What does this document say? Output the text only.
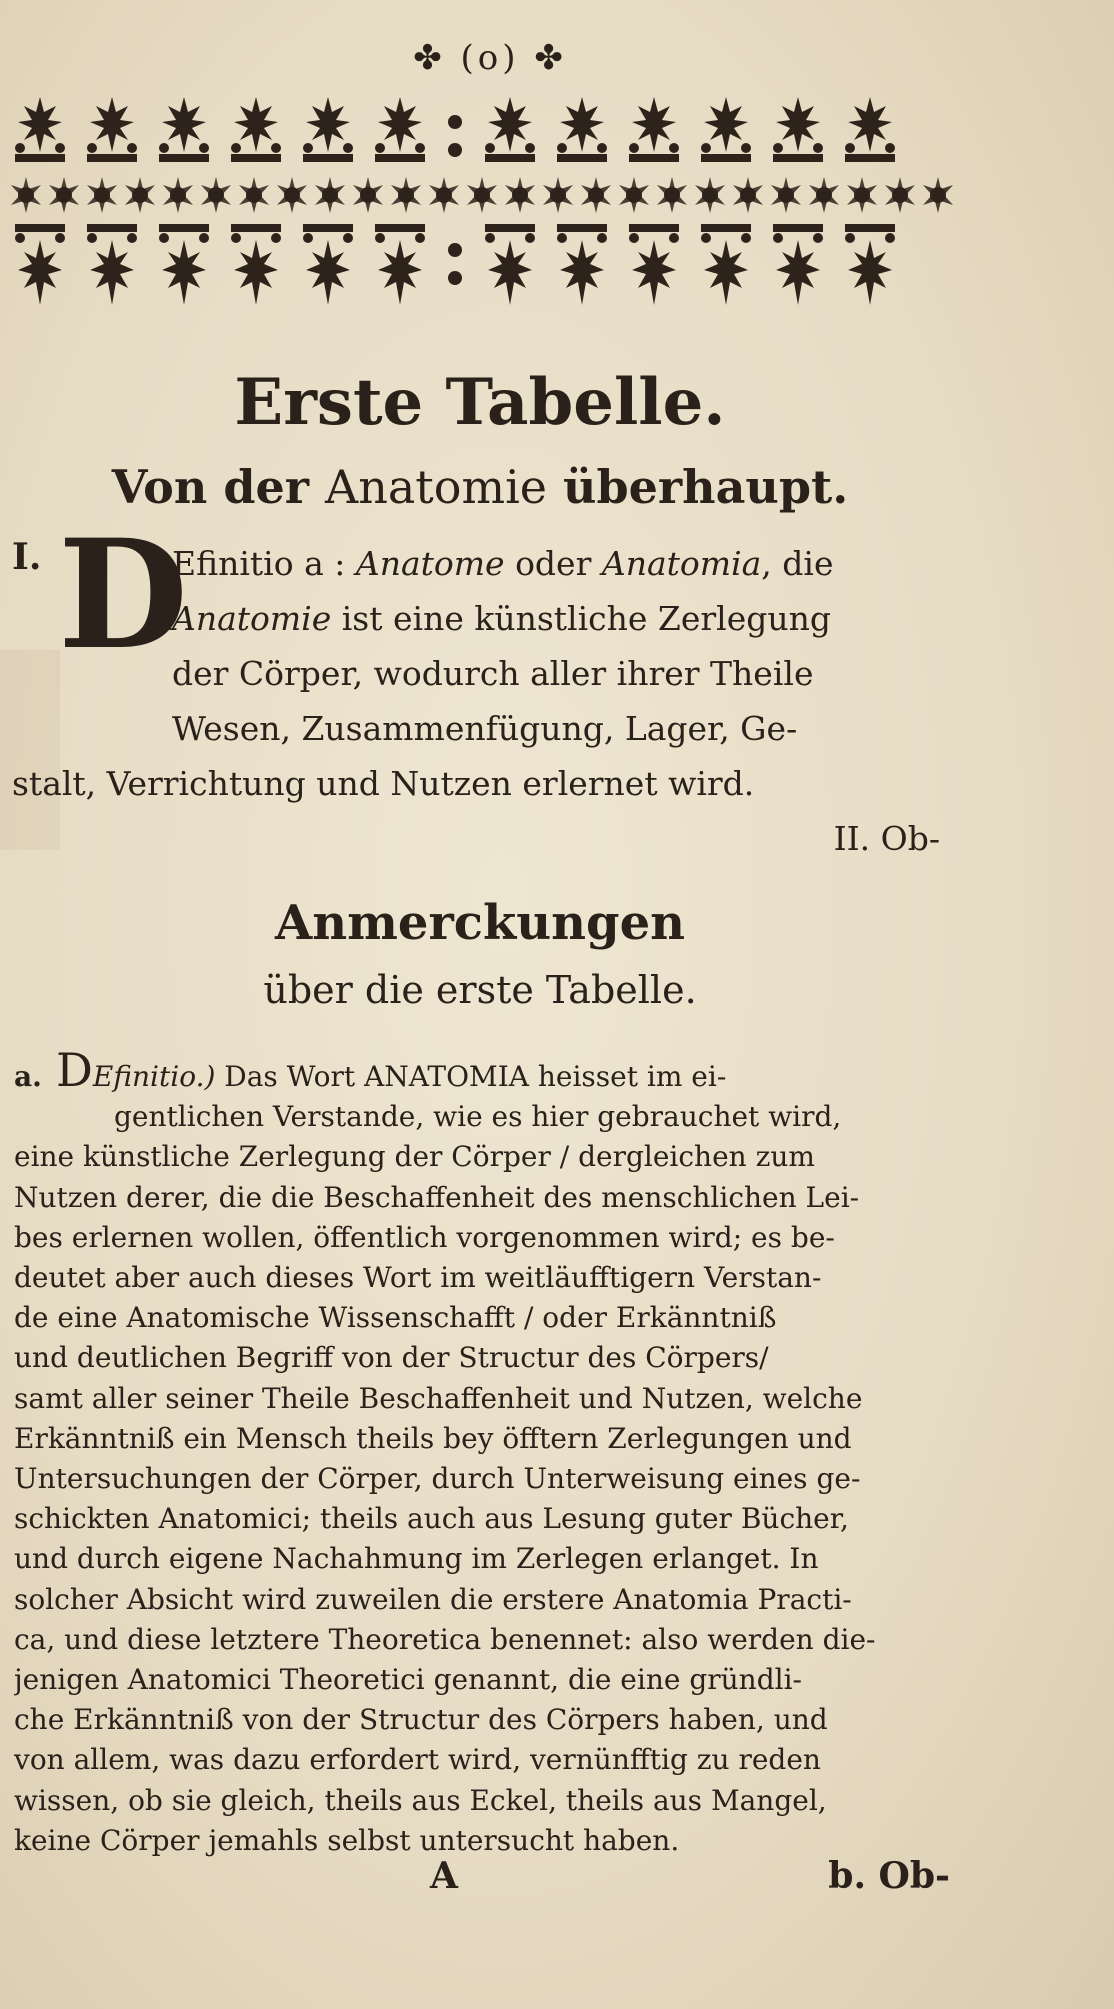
✤ (o) ✤
Erste Tabelle.
Von der Anatomie überhaupt.
I. D
Efinitio a : Anatome oder Anatomia, die
Anatomie ist eine künstliche Zerlegung
der Cörper, wodurch aller ihrer Theile
Wesen, Zusammenfügung, Lager, Ge-
stalt, Verrichtung und Nutzen erlernet wird.
II. Ob-
Anmerckungen
über die erste Tabelle.
a. DEfinitio.) Das Wort ANATOMIA heisset im ei-
gentlichen Verstande, wie es hier gebrauchet wird,
eine künstliche Zerlegung der Cörper / dergleichen zum
Nutzen derer, die die Beschaffenheit des menschlichen Lei-
bes erlernen wollen, öffentlich vorgenommen wird; es be-
deutet aber auch dieses Wort im weitläufftigern Verstan-
de eine Anatomische Wissenschafft / oder Erkänntniß
und deutlichen Begriff von der Structur des Cörpers/
samt aller seiner Theile Beschaffenheit und Nutzen, welche
Erkänntniß ein Mensch theils bey öfftern Zerlegungen und
Untersuchungen der Cörper, durch Unterweisung eines ge-
schickten Anatomici; theils auch aus Lesung guter Bücher,
und durch eigene Nachahmung im Zerlegen erlanget. In
solcher Absicht wird zuweilen die erstere Anatomia Practi-
ca, und diese letztere Theoretica benennet: also werden die-
jenigen Anatomici Theoretici genannt, die eine gründli-
che Erkänntniß von der Structur des Cörpers haben, und
von allem, was dazu erfordert wird, vernünfftig zu reden
wissen, ob sie gleich, theils aus Eckel, theils aus Mangel,
keine Cörper jemahls selbst untersucht haben.
A	b. Ob-
